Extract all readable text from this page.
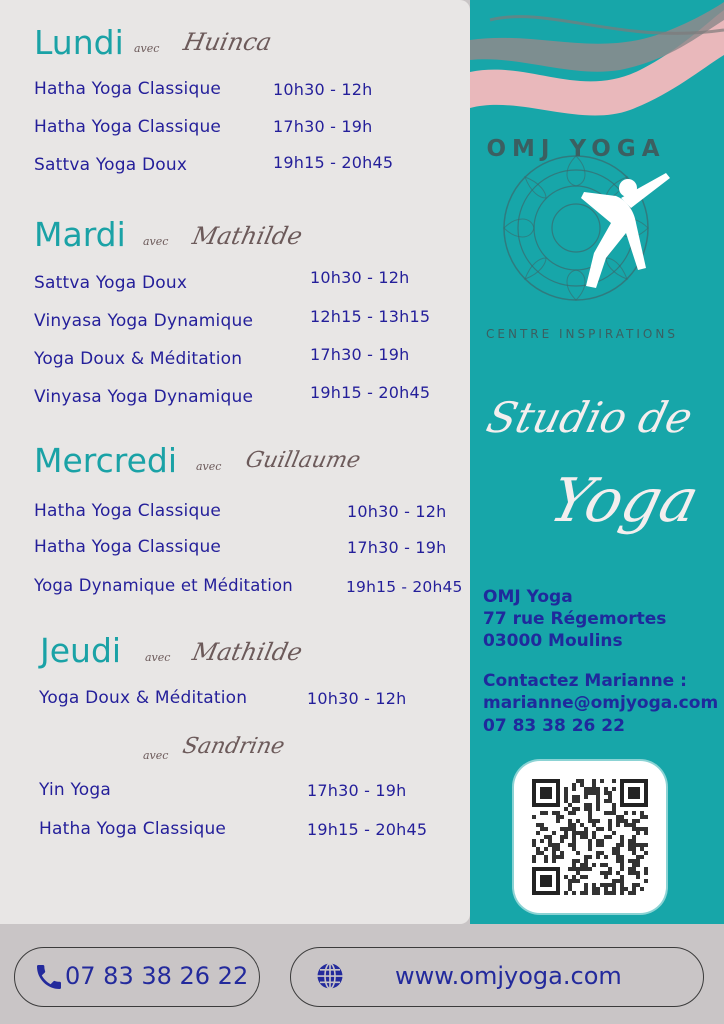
Lundi avec Huinca
Hatha Yoga Classique	10h30 - 12h
Hatha Yoga Classique	17h30 - 19h
Sattva Yoga Doux	19h15 - 20h45
Mardi avec Mathilde
Sattva Yoga Doux	10h30 - 12h
Vinyasa Yoga Dynamique	12h15 - 13h15
Yoga Doux & Méditation	17h30 - 19h
Vinyasa Yoga Dynamique	19h15 - 20h45
Mercredi avec Guillaume
Hatha Yoga Classique	10h30 - 12h
Hatha Yoga Classique	17h30 - 19h
Yoga Dynamique et Méditation	19h15 - 20h45
Jeudi avec Mathilde
Yoga Doux & Méditation	10h30 - 12h
avec Sandrine
Yin Yoga	17h30 - 19h
Hatha Yoga Classique	19h15 - 20h45
OMJ YOGA
CENTRE INSPIRATIONS
Studio de
Yoga
OMJ Yoga
77 rue Régemortes
03000 Moulins
Contactez Marianne :
marianne@omjyoga.com
07 83 38 26 22
07 83 38 26 22	www.omjyoga.com
